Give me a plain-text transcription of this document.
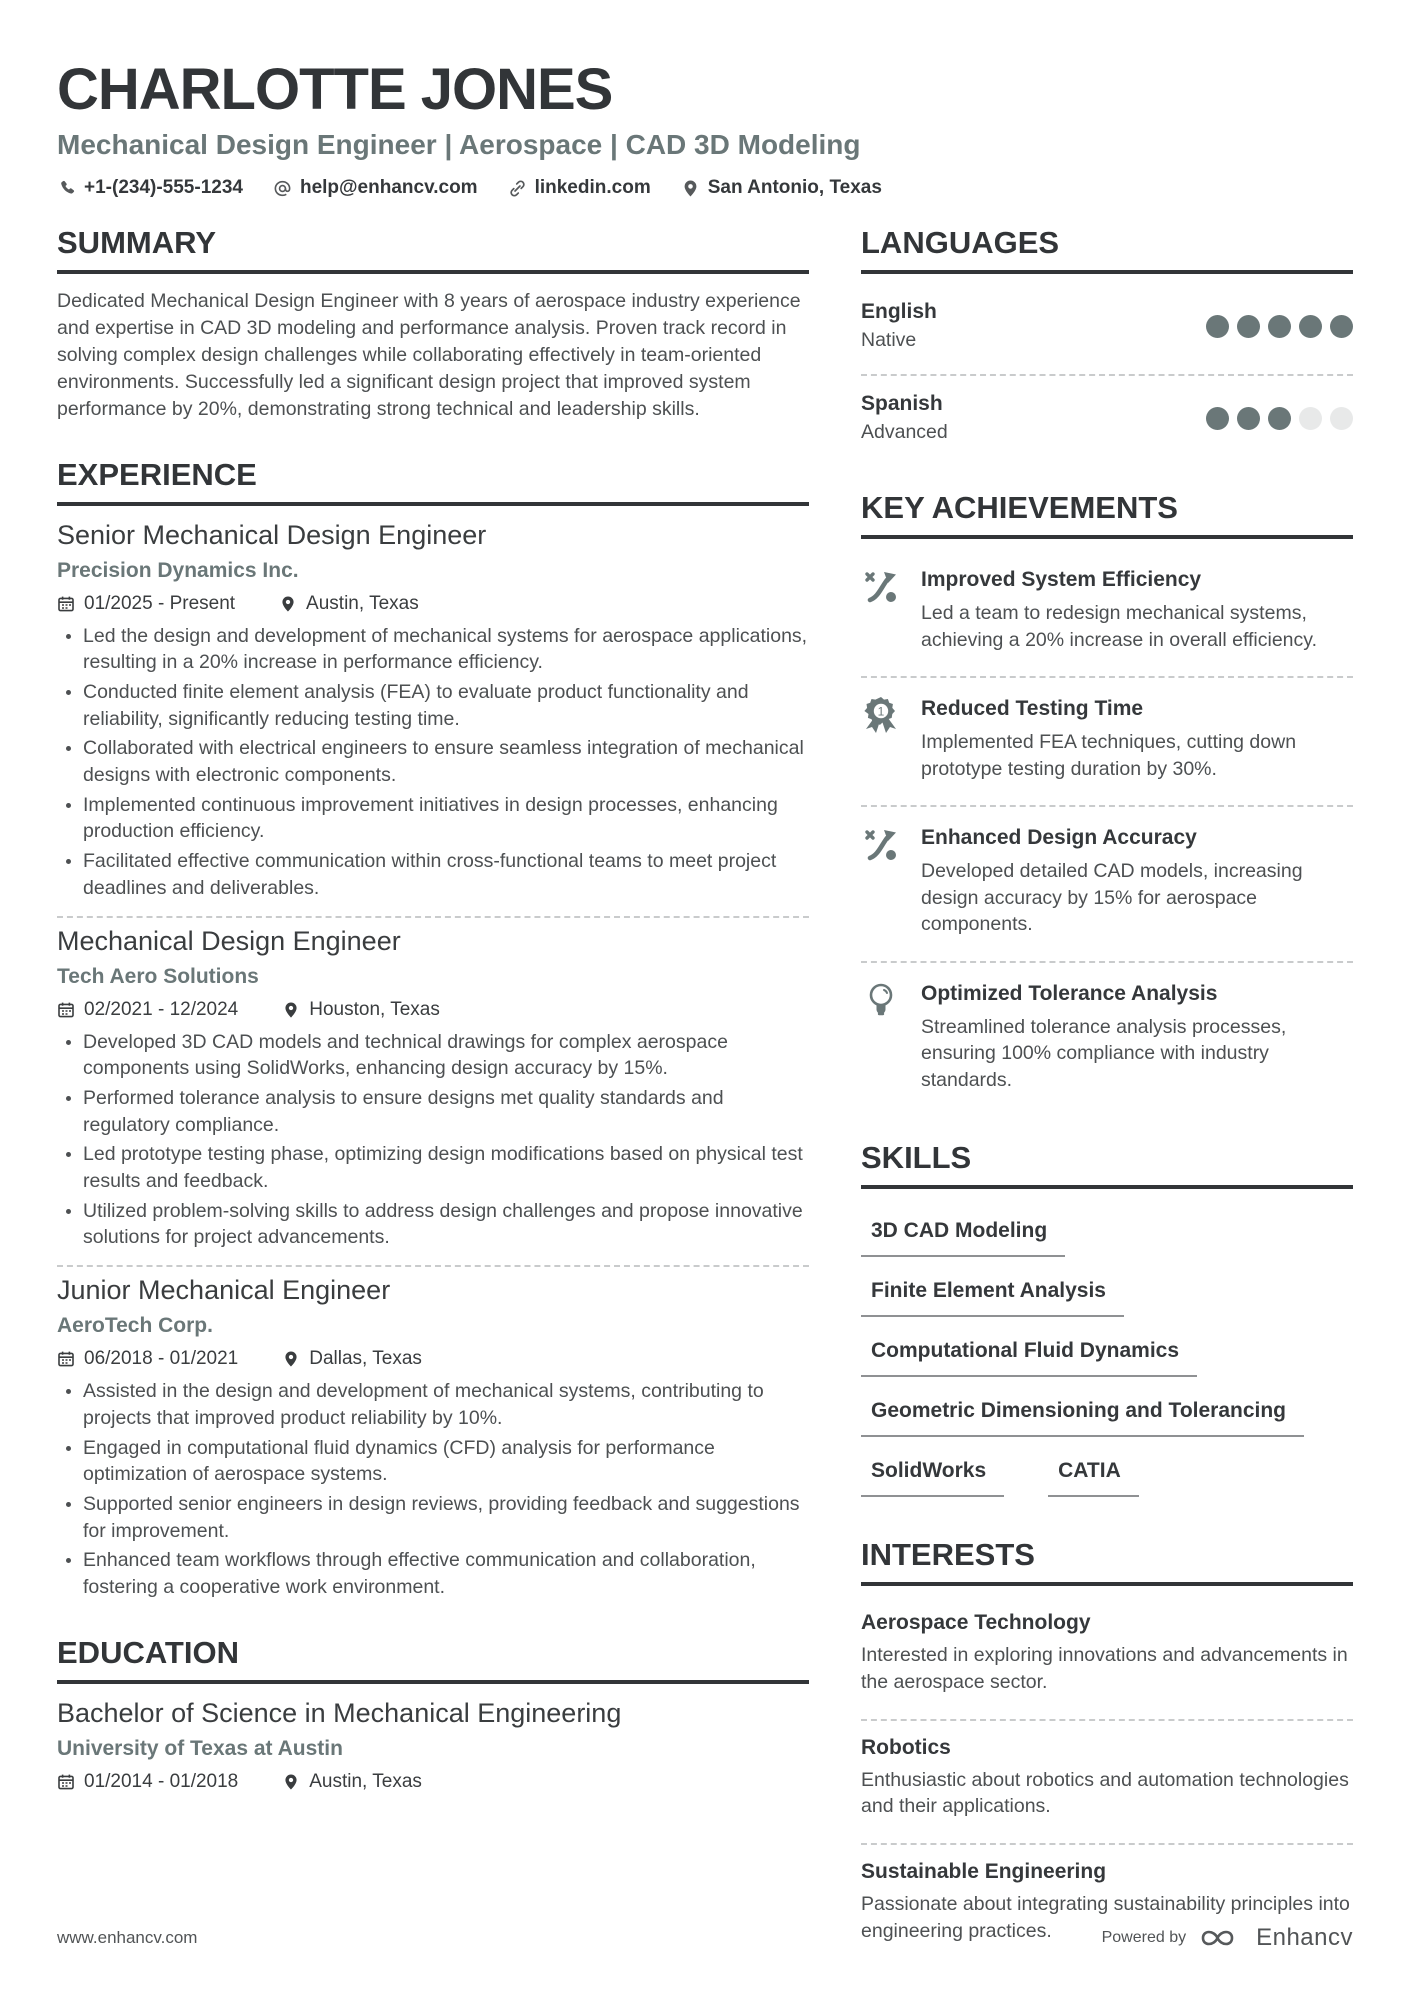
CHARLOTTE JONES
Mechanical Design Engineer | Aerospace | CAD 3D Modeling
+1-(234)-555-1234	help@enhancv.com	linkedin.com	San Antonio, Texas
SUMMARY
Dedicated Mechanical Design Engineer with 8 years of aerospace industry experience and expertise in CAD 3D modeling and performance analysis. Proven track record in solving complex design challenges while collaborating effectively in team-oriented environments. Successfully led a significant design project that improved system performance by 20%, demonstrating strong technical and leadership skills.
EXPERIENCE
Senior Mechanical Design Engineer
Precision Dynamics Inc.
01/2025 - Present	Austin, Texas
• Led the design and development of mechanical systems for aerospace applications, resulting in a 20% increase in performance efficiency.
• Conducted finite element analysis (FEA) to evaluate product functionality and reliability, significantly reducing testing time.
• Collaborated with electrical engineers to ensure seamless integration of mechanical designs with electronic components.
• Implemented continuous improvement initiatives in design processes, enhancing production efficiency.
• Facilitated effective communication within cross-functional teams to meet project deadlines and deliverables.
Mechanical Design Engineer
Tech Aero Solutions
02/2021 - 12/2024	Houston, Texas
• Developed 3D CAD models and technical drawings for complex aerospace components using SolidWorks, enhancing design accuracy by 15%.
• Performed tolerance analysis to ensure designs met quality standards and regulatory compliance.
• Led prototype testing phase, optimizing design modifications based on physical test results and feedback.
• Utilized problem-solving skills to address design challenges and propose innovative solutions for project advancements.
Junior Mechanical Engineer
AeroTech Corp.
06/2018 - 01/2021	Dallas, Texas
• Assisted in the design and development of mechanical systems, contributing to projects that improved product reliability by 10%.
• Engaged in computational fluid dynamics (CFD) analysis for performance optimization of aerospace systems.
• Supported senior engineers in design reviews, providing feedback and suggestions for improvement.
• Enhanced team workflows through effective communication and collaboration, fostering a cooperative work environment.
EDUCATION
Bachelor of Science in Mechanical Engineering
University of Texas at Austin
01/2014 - 01/2018	Austin, Texas
LANGUAGES
English
Native
Spanish
Advanced
KEY ACHIEVEMENTS
Improved System Efficiency
Led a team to redesign mechanical systems, achieving a 20% increase in overall efficiency.
1 Reduced Testing Time
Implemented FEA techniques, cutting down prototype testing duration by 30%.
Enhanced Design Accuracy
Developed detailed CAD models, increasing design accuracy by 15% for aerospace components.
Optimized Tolerance Analysis
Streamlined tolerance analysis processes, ensuring 100% compliance with industry standards.
SKILLS
3D CAD Modeling
Finite Element Analysis
Computational Fluid Dynamics
Geometric Dimensioning and Tolerancing
SolidWorks	CATIA
INTERESTS
Aerospace Technology
Interested in exploring innovations and advancements in the aerospace sector.
Robotics
Enthusiastic about robotics and automation technologies and their applications.
Sustainable Engineering
Passionate about integrating sustainability principles into engineering practices.
www.enhancv.com	Powered by	Enhancv
